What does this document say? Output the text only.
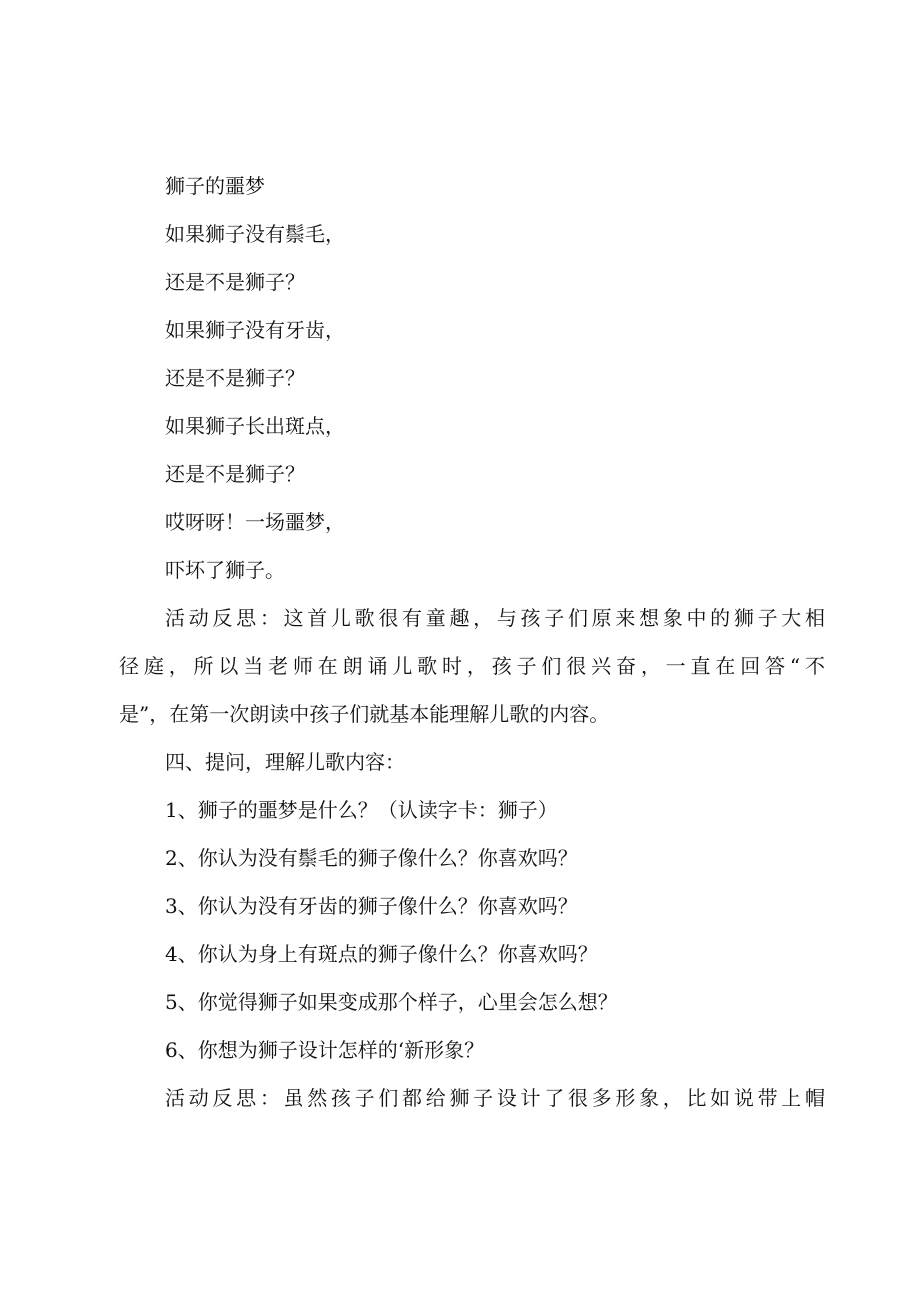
狮子的噩梦

如果狮子没有鬃毛，

还是不是狮子？

如果狮子没有牙齿，

还是不是狮子？

如果狮子长出斑点，

还是不是狮子？

哎呀呀！一场噩梦，

吓坏了狮子。

活动反思：这首儿歌很有童趣，与孩子们原来想象中的狮子大相

径庭，所以当老师在朗诵儿歌时，孩子们很兴奋，一直在回答“不

是”，在第一次朗读中孩子们就基本能理解儿歌的内容。

四、提问，理解儿歌内容：

1、狮子的噩梦是什么？（认读字卡：狮子）

2、你认为没有鬃毛的狮子像什么？你喜欢吗？

3、你认为没有牙齿的狮子像什么？你喜欢吗？

4、你认为身上有斑点的狮子像什么？你喜欢吗？

5、你觉得狮子如果变成那个样子，心里会怎么想？

6、你想为狮子设计怎样的‘新形象？

活动反思：虽然孩子们都给狮子设计了很多形象，比如说带上帽
